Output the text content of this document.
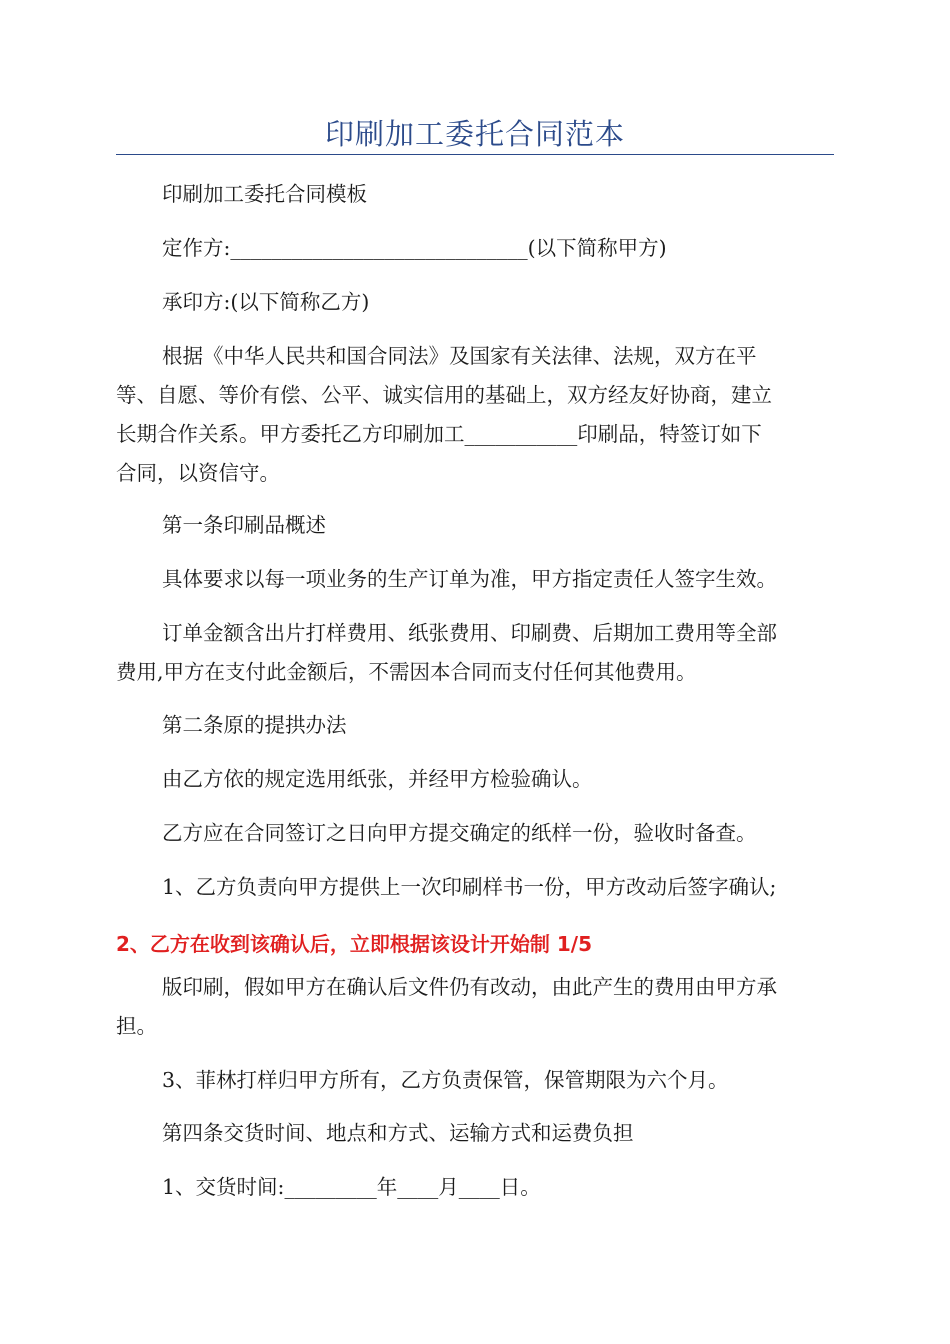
印刷加工委托合同范本
印刷加工委托合同模板
定作方:_____________________________(以下简称甲方)
承印方:(以下简称乙方)
根据《中华人民共和国合同法》及国家有关法律、法规，双方在平
等、自愿、等价有偿、公平、诚实信用的基础上，双方经友好协商，建立
长期合作关系。甲方委托乙方印刷加工___________印刷品，特签订如下
合同，以资信守。
第一条印刷品概述
具体要求以每一项业务的生产订单为准，甲方指定责任人签字生效。
订单金额含出片打样费用、纸张费用、印刷费、后期加工费用等全部
费用,甲方在支付此金额后，不需因本合同而支付任何其他费用。
第二条原的提拱办法
由乙方依的规定选用纸张，并经甲方检验确认。
乙方应在合同签订之日向甲方提交确定的纸样一份，验收时备查。
1、乙方负责向甲方提供上一次印刷样书一份，甲方改动后签字确认;
2、乙方在收到该确认后，立即根据该设计开始制 1/5
版印刷，假如甲方在确认后文件仍有改动，由此产生的费用由甲方承
担。
3、菲林打样归甲方所有，乙方负责保管，保管期限为六个月。
第四条交货时间、地点和方式、运输方式和运费负担
1、交货时间:_________年____月____日。
